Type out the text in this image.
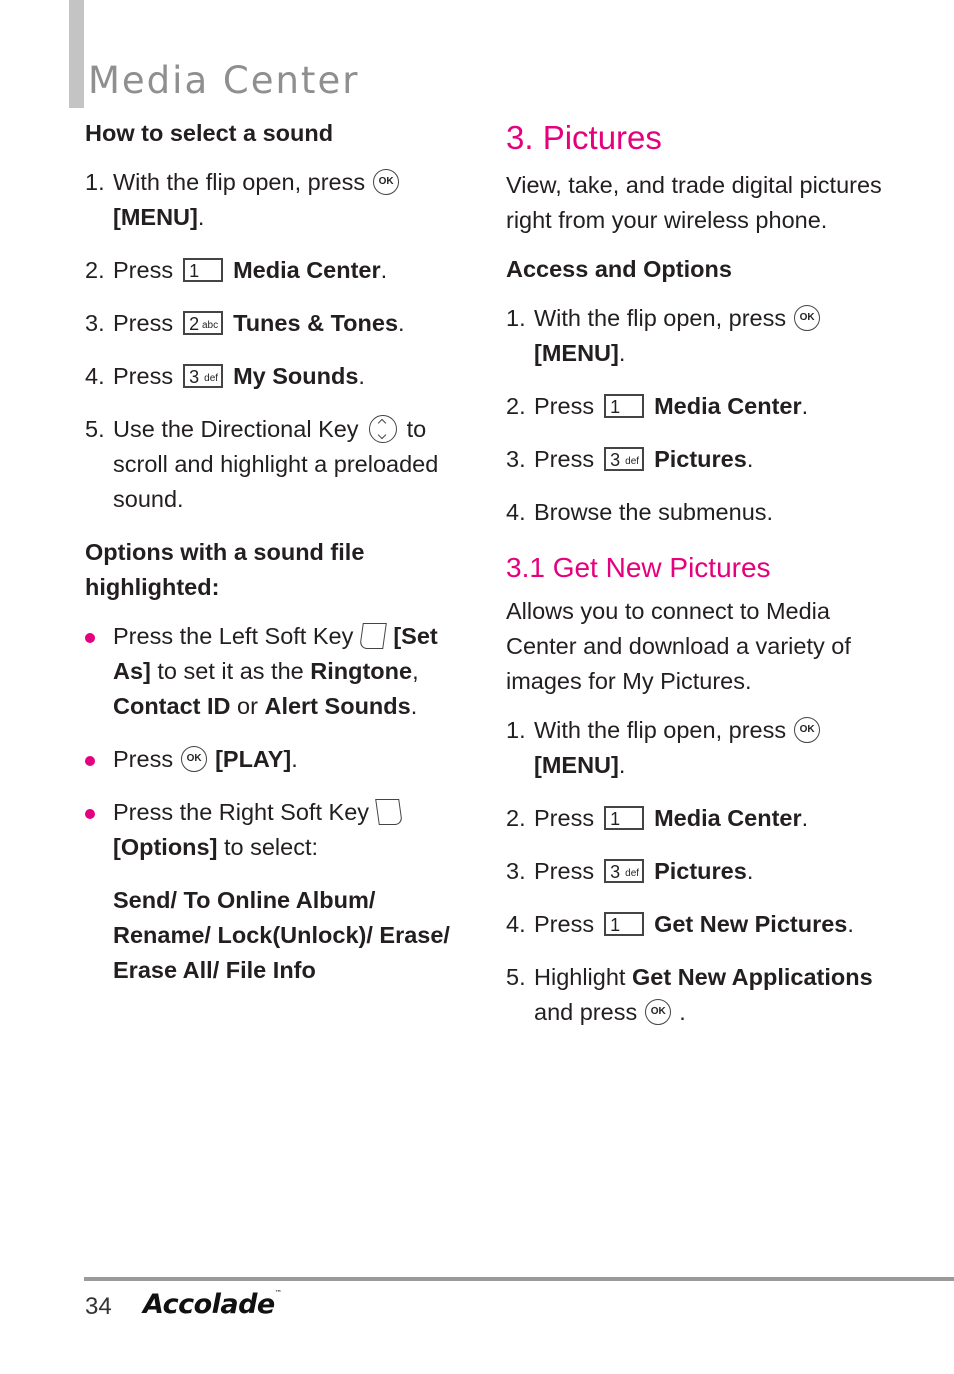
Media Center
How to select a sound
1. With the flip open, press OK
[MENU].
2. Press 1 Media Center.
3. Press 2 abc Tunes & Tones.
4. Press 3 def My Sounds.
5. Use the Directional Key to scroll and highlight a preloaded sound.
Options with a sound file highlighted:
Press the Left Soft Key [Set As] to set it as the Ringtone, Contact ID or Alert Sounds.
Press OK [PLAY].
Press the Right Soft Key
[Options] to select:
Send/ To Online Album/ Rename/ Lock(Unlock)/ Erase/ Erase All/ File Info
3. Pictures

View, take, and trade digital pictures right from your wireless phone.

Access and Options
1. With the flip open, press OK
[MENU].
2. Press 1 Media Center.
3. Press 3 def Pictures.
4. Browse the submenus.
3.1 Get New Pictures

Allows you to connect to Media Center and download a variety of images for My Pictures.

1. With the flip open, press OK
[MENU].
2. Press 1 Media Center.
3. Press 3 def Pictures.
4. Press 1 Get New Pictures.
5. Highlight Get New Applications
and press OK .
34 Accolade™
